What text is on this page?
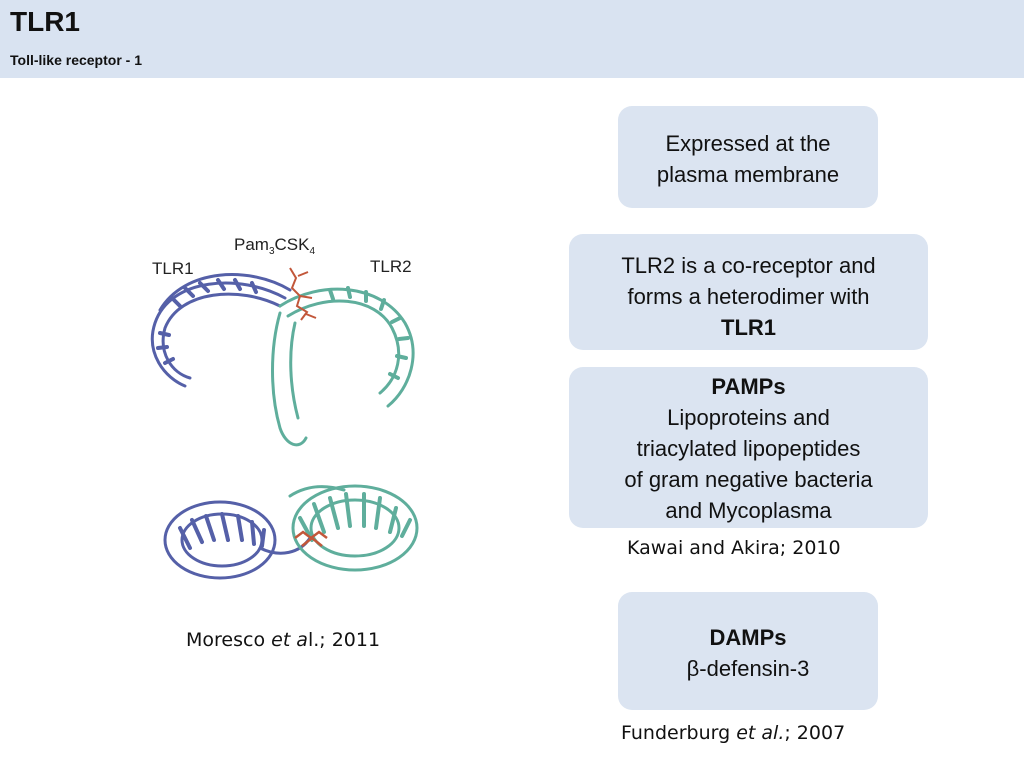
TLR1
Toll-like receptor - 1
Expressed at the
plasma membrane
TLR2 is a co-receptor and
forms a heterodimer with
TLR1
PAMPs
Lipoproteins and
triacylated lipopeptides
of gram negative bacteria
and Mycoplasma
Kawai and Akira; 2010
DAMPs
β-defensin-3
Moresco et al.; 2011
Funderburg et al.; 2007
TLR1	TLR2
$Pam_3CSK_4$
